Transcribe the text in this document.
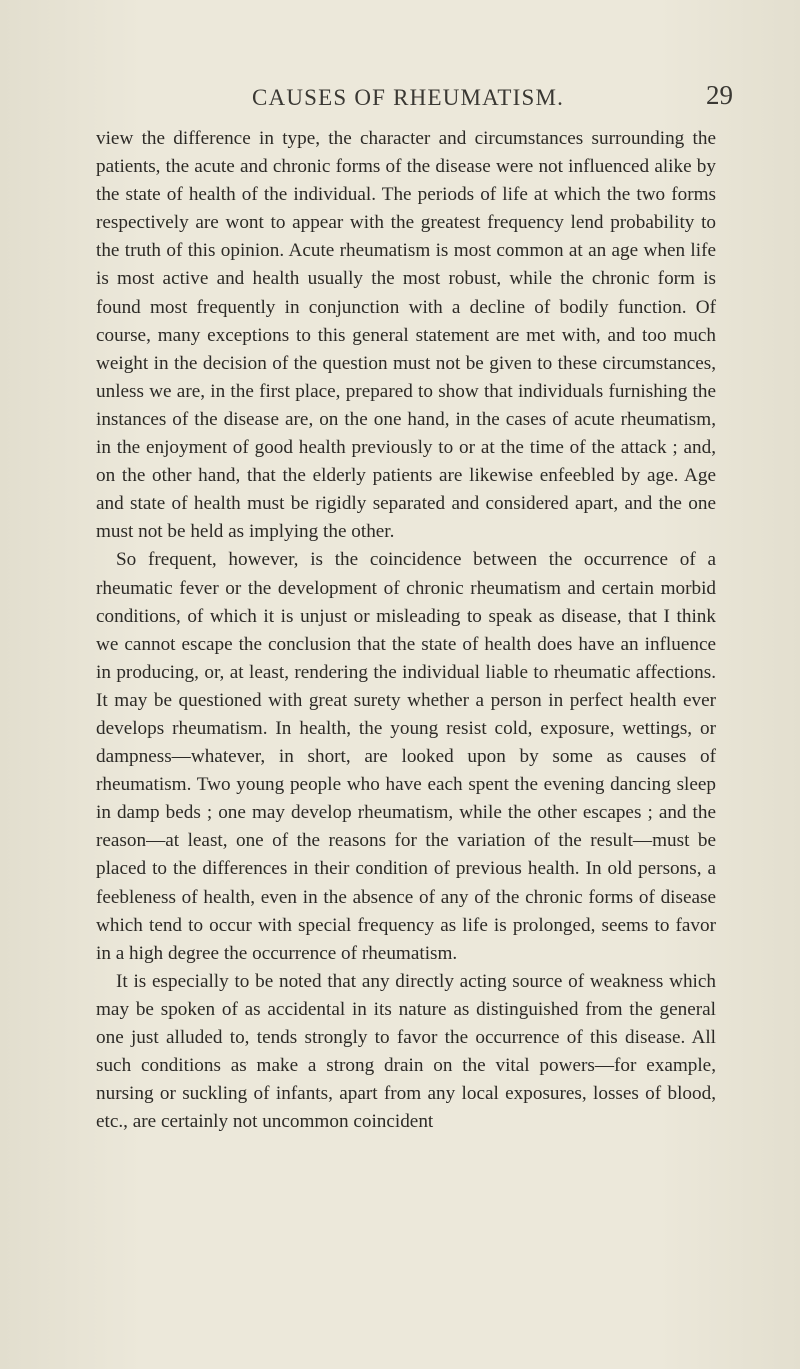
CAUSES OF RHEUMATISM.	29

view the difference in type, the character and circumstances surrounding the patients, the acute and chronic forms of the disease were not influenced alike by the state of health of the individual. The periods of life at which the two forms respectively are wont to appear with the greatest frequency lend probability to the truth of this opinion. Acute rheumatism is most common at an age when life is most active and health usually the most robust, while the chronic form is found most frequently in conjunction with a decline of bodily function. Of course, many exceptions to this general statement are met with, and too much weight in the decision of the question must not be given to these circumstances, unless we are, in the first place, prepared to show that individuals furnishing the instances of the disease are, on the one hand, in the cases of acute rheumatism, in the enjoyment of good health previously to or at the time of the attack ; and, on the other hand, that the elderly patients are likewise enfeebled by age. Age and state of health must be rigidly separated and considered apart, and the one must not be held as implying the other.

So frequent, however, is the coincidence between the occurrence of a rheumatic fever or the development of chronic rheumatism and certain morbid conditions, of which it is unjust or misleading to speak as disease, that I think we cannot escape the conclusion that the state of health does have an influence in producing, or, at least, rendering the individual liable to rheumatic affections. It may be questioned with great surety whether a person in perfect health ever develops rheumatism. In health, the young resist cold, exposure, wettings, or dampness—whatever, in short, are looked upon by some as causes of rheumatism. Two young people who have each spent the evening dancing sleep in damp beds ; one may develop rheumatism, while the other escapes ; and the reason—at least, one of the reasons for the variation of the result—must be placed to the differences in their condition of previous health. In old persons, a feebleness of health, even in the absence of any of the chronic forms of disease which tend to occur with special frequency as life is prolonged, seems to favor in a high degree the occurrence of rheumatism.

It is especially to be noted that any directly acting source of weakness which may be spoken of as accidental in its nature as distinguished from the general one just alluded to, tends strongly to favor the occurrence of this disease. All such conditions as make a strong drain on the vital powers—for example, nursing or suckling of infants, apart from any local exposures, losses of blood, etc., are certainly not uncommon coincident
